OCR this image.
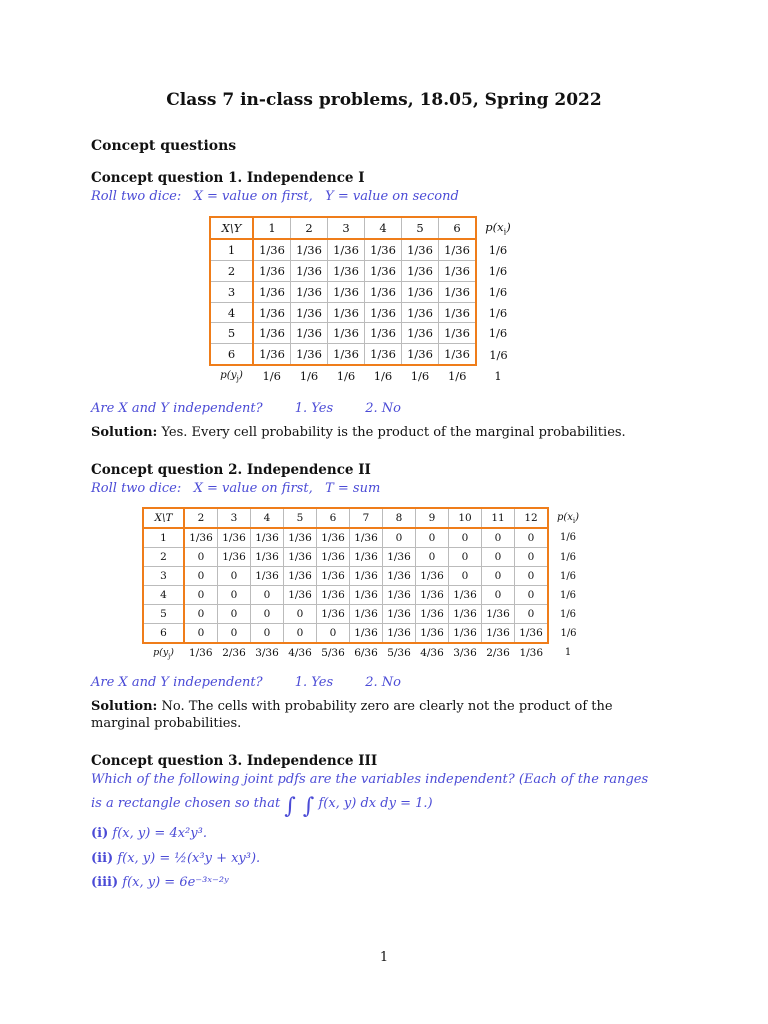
Class 7 in-class problems, 18.05, Spring 2022
Concept questions
Concept question 1. Independence I
Roll two dice:   X = value on first,   Y = value on second
X\Y	1	2	3	4	5	6	$p(x_i)$
1	1/36	1/36	1/36	1/36	1/36	1/36	1/6
2	1/36	1/36	1/36	1/36	1/36	1/36	1/6
3	1/36	1/36	1/36	1/36	1/36	1/36	1/6
4	1/36	1/36	1/36	1/36	1/36	1/36	1/6
5	1/36	1/36	1/36	1/36	1/36	1/36	1/6
6	1/36	1/36	1/36	1/36	1/36	1/36	1/6
$p(y_j)$	1/6	1/6	1/6	1/6	1/6	1/6	1
Are X and Y independent? 1. Yes 2. No
Solution: Yes. Every cell probability is the product of the marginal probabilities.
Concept question 2. Independence II
Roll two dice:   X = value on first,   T = sum
X\T	2	3	4	5	6	7	8	9	10	11	12	$p(x_i)$
1	1/36	1/36	1/36	1/36	1/36	1/36	0	0	0	0	0	1/6
2	0	1/36	1/36	1/36	1/36	1/36	1/36	0	0	0	0	1/6
3	0	0	1/36	1/36	1/36	1/36	1/36	1/36	0	0	0	1/6
4	0	0	0	1/36	1/36	1/36	1/36	1/36	1/36	0	0	1/6
5	0	0	0	0	1/36	1/36	1/36	1/36	1/36	1/36	0	1/6
6	0	0	0	0	0	1/36	1/36	1/36	1/36	1/36	1/36	1/6
$p(y_j)$	1/36	2/36	3/36	4/36	5/36	6/36	5/36	4/36	3/36	2/36	1/36	1
Are X and Y independent? 1. Yes 2. No
Solution: No. The cells with probability zero are clearly not the product of the marginal probabilities.
Concept question 3. Independence III
Which of the following joint pdfs are the variables independent? (Each of the ranges is a rectangle chosen so that ∫ ∫ f(x, y) dx dy = 1.)
(i) f(x, y) = 4x²y³.
(ii) f(x, y) = ½(x³y + xy³).
(iii) f(x, y) = 6e⁻³ˣ⁻²ʸ
1
